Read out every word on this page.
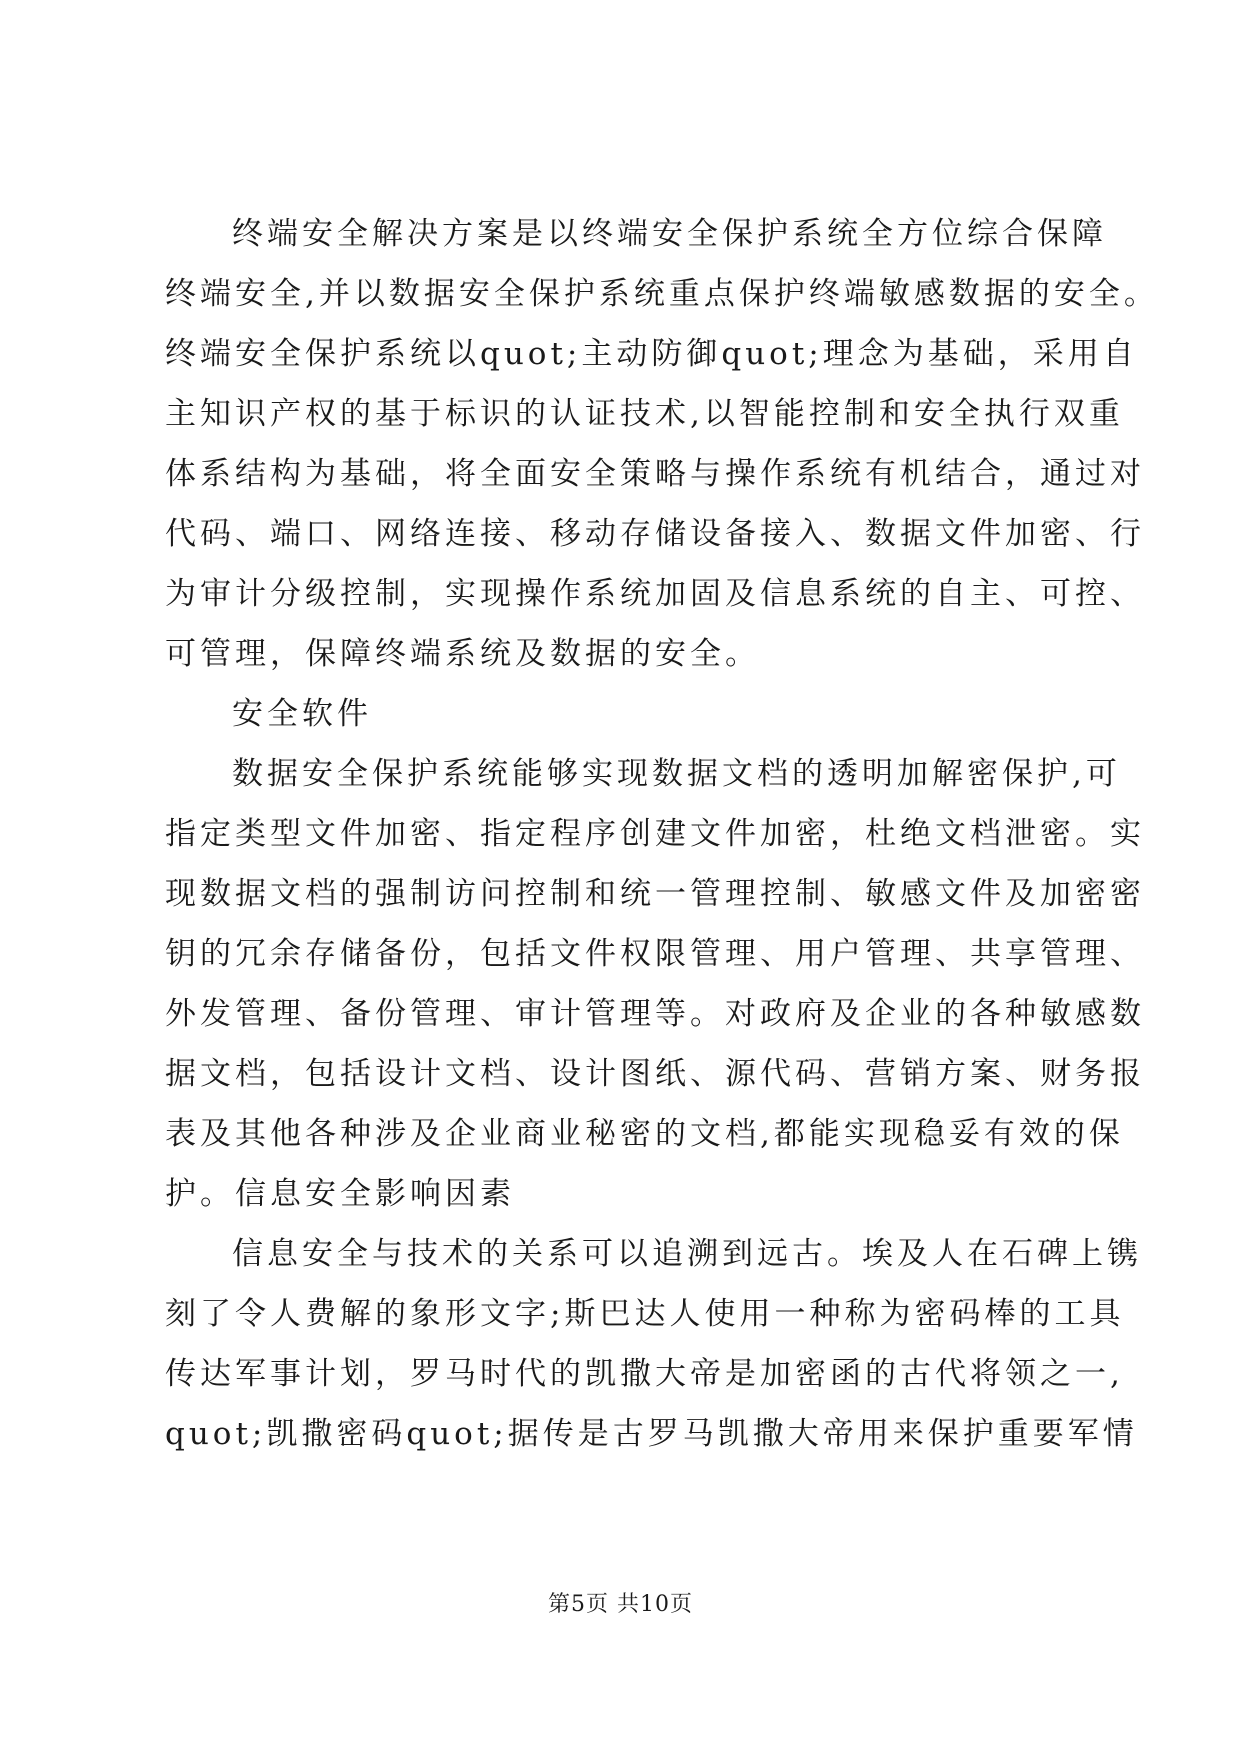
终端安全解决方案是以终端安全保护系统全方位综合保障
终端安全,并以数据安全保护系统重点保护终端敏感数据的安全。
终端安全保护系统以quot;主动防御quot;理念为基础，采用自
主知识产权的基于标识的认证技术,以智能控制和安全执行双重
体系结构为基础，将全面安全策略与操作系统有机结合，通过对
代码、端口、网络连接、移动存储设备接入、数据文件加密、行
为审计分级控制，实现操作系统加固及信息系统的自主、可控、
可管理，保障终端系统及数据的安全。
安全软件
数据安全保护系统能够实现数据文档的透明加解密保护,可
指定类型文件加密、指定程序创建文件加密，杜绝文档泄密。实
现数据文档的强制访问控制和统一管理控制、敏感文件及加密密
钥的冗余存储备份，包括文件权限管理、用户管理、共享管理、
外发管理、备份管理、审计管理等。对政府及企业的各种敏感数
据文档，包括设计文档、设计图纸、源代码、营销方案、财务报
表及其他各种涉及企业商业秘密的文档,都能实现稳妥有效的保
护。信息安全影响因素
信息安全与技术的关系可以追溯到远古。埃及人在石碑上镌
刻了令人费解的象形文字;斯巴达人使用一种称为密码棒的工具
传达军事计划，罗马时代的凯撒大帝是加密函的古代将领之一,
quot;凯撒密码quot;据传是古罗马凯撒大帝用来保护重要军情
第5页 共10页
